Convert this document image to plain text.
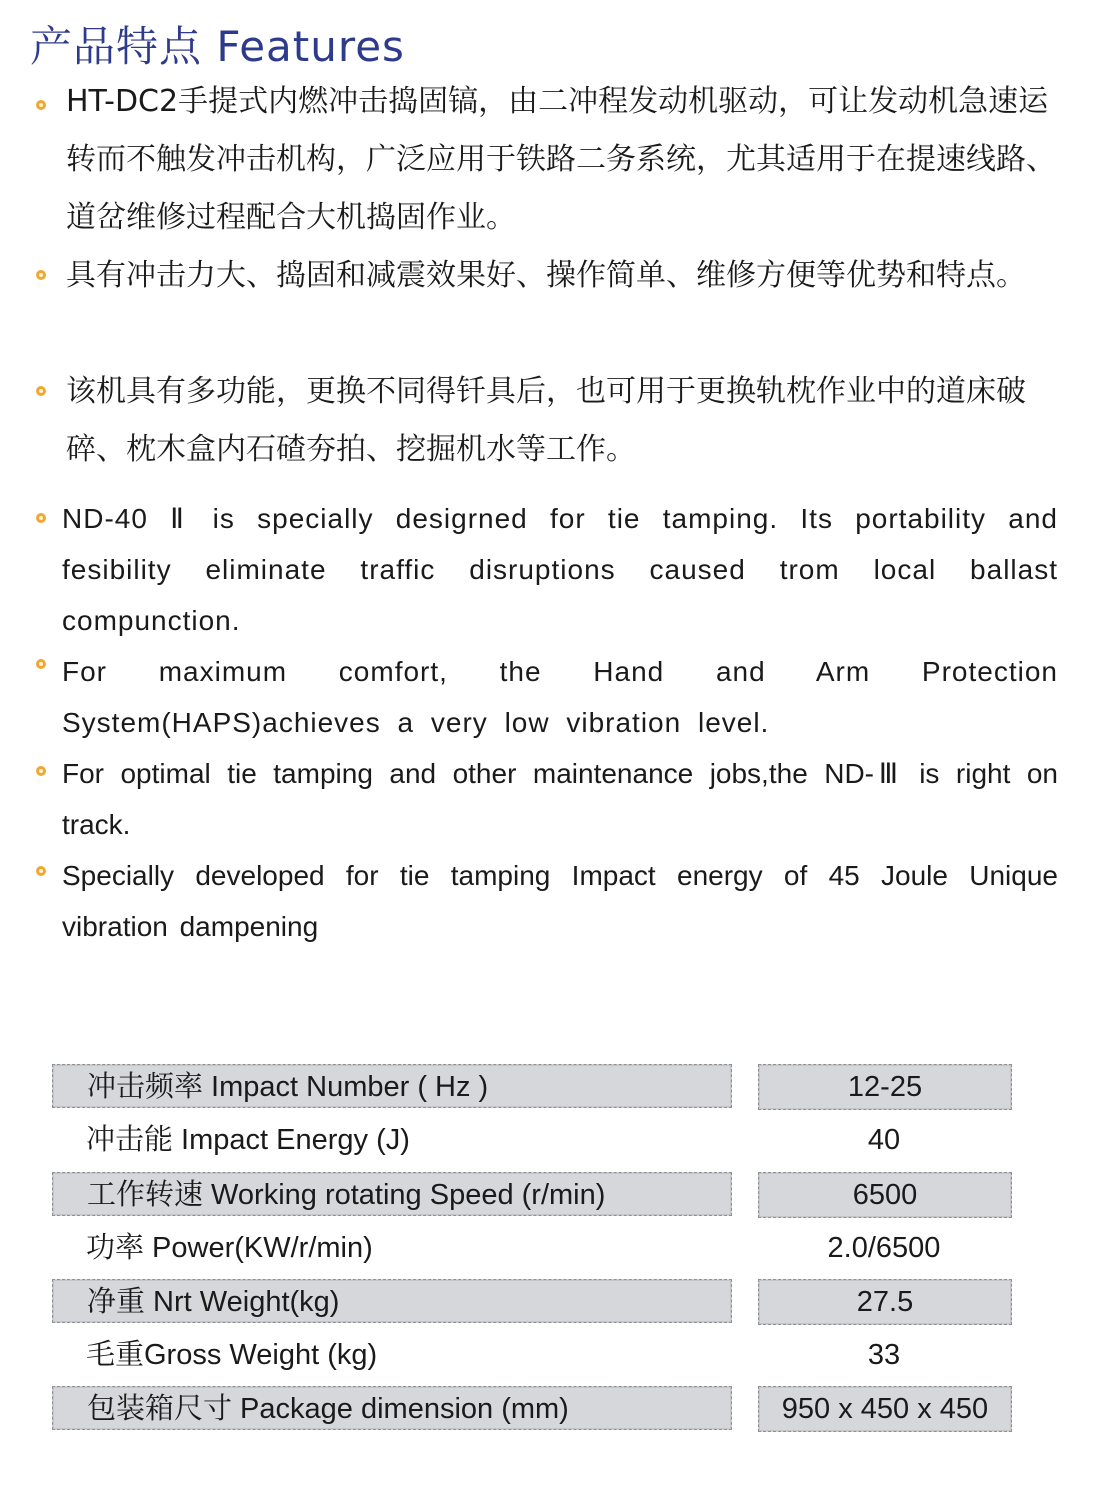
产品特点 Features
HT-DC2手提式内燃冲击捣固镐，由二冲程发动机驱动，可让发动机急速运转而不触发冲击机构，广泛应用于铁路二务系统，尤其适用于在提速线路、道岔维修过程配合大机捣固作业。
具有冲击力大、捣固和减震效果好、操作简单、维修方便等优势和特点。
该机具有多功能，更换不同得钎具后，也可用于更换轨枕作业中的道床破碎、枕木盒内石碴夯拍、挖掘机水等工作。
ND-40 Ⅱ is specially desigrned for tie tamping. Its portability and fesibility eliminate traffic disruptions caused trom local ballast compunction.
For maximum comfort, the Hand and Arm Protection System(HAPS)achieves a very low vibration level.
For optimal tie tamping and other maintenance jobs,the ND-Ⅲ is right on track.
Specially developed for tie tamping Impact energy of 45 Joule Unique vibration dampening
冲击频率 Impact Number ( Hz )	12-25
冲击能 Impact Energy (J)	40
工作转速 Working rotating Speed (r/min)	6500
功率 Power(KW/r/min)	2.0/6500
净重 Nrt Weight(kg)	27.5
毛重Gross Weight (kg)	33
包装箱尺寸 Package dimension (mm)	950 x 450 x 450
